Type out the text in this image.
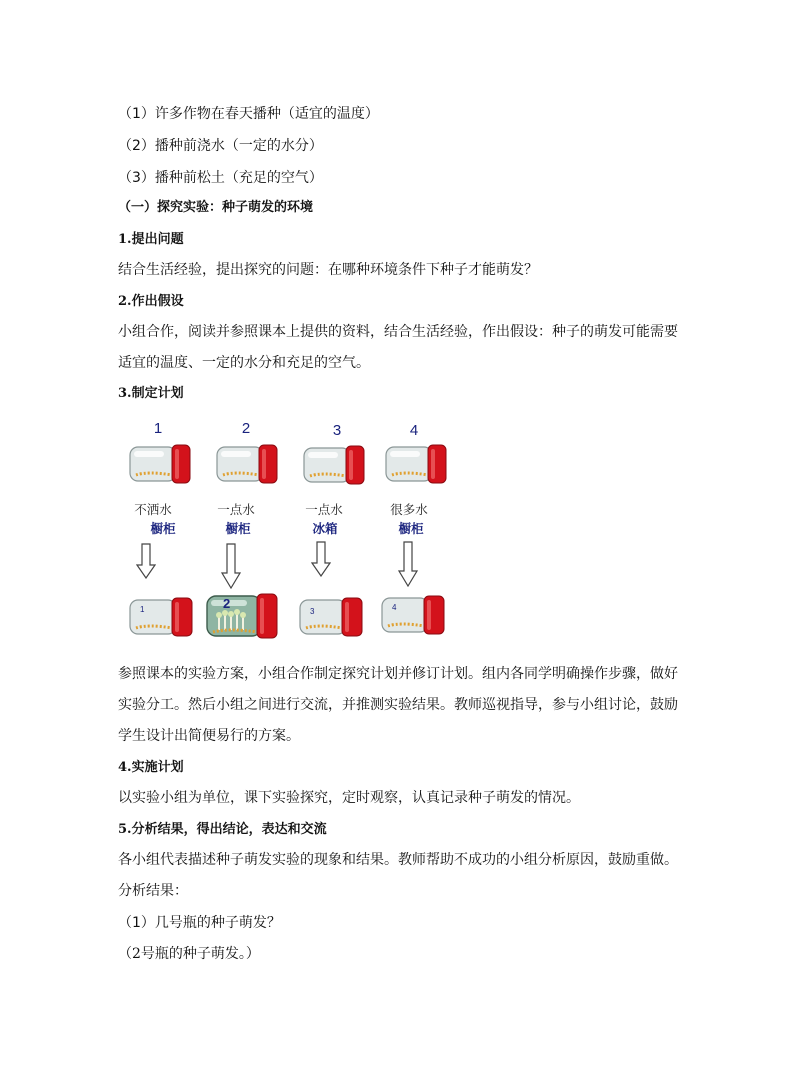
（1）许多作物在春天播种（适宜的温度）
（2）播种前浇水（一定的水分）
（3）播种前松土（充足的空气）
（一）探究实验：种子萌发的环境
1.提出问题
结合生活经验，提出探究的问题：在哪种环境条件下种子才能萌发？
2.作出假设
小组合作，阅读并参照课本上提供的资料，结合生活经验，作出假设：种子的萌发可能需要
适宜的温度、一定的水分和充足的空气。
3.制定计划
1	2	3	4
不洒水	一点水	一点水	很多水
橱柜	橱柜	冰箱	橱柜
1	2
3	4
参照课本的实验方案，小组合作制定探究计划并修订计划。组内各同学明确操作步骤，做好
实验分工。然后小组之间进行交流，并推测实验结果。教师巡视指导，参与小组讨论，鼓励
学生设计出简便易行的方案。
4.实施计划
以实验小组为单位，课下实验探究，定时观察，认真记录种子萌发的情况。
5.分析结果，得出结论，表达和交流
各小组代表描述种子萌发实验的现象和结果。教师帮助不成功的小组分析原因，鼓励重做。
分析结果：
（1）几号瓶的种子萌发？
（2号瓶的种子萌发。）
